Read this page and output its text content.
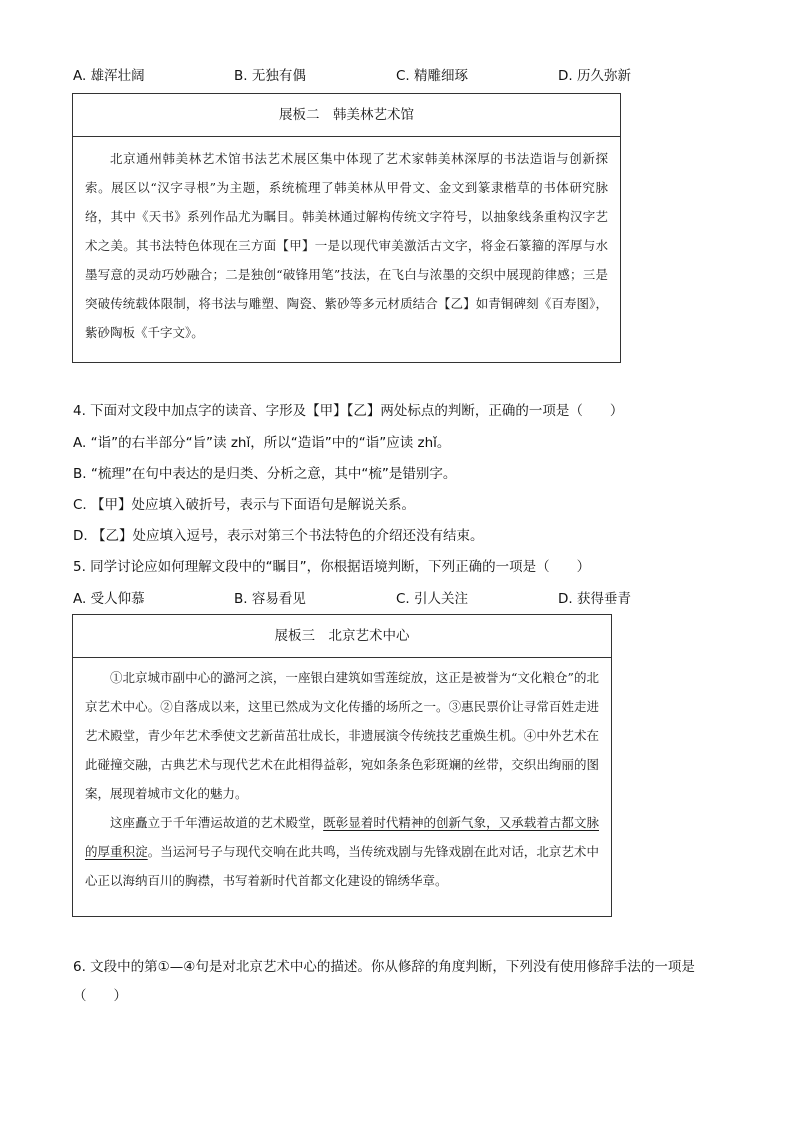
A. 雄浑壮阔	B. 无独有偶	C. 精雕细琢	D. 历久弥新
展板二　韩美林艺术馆

北京通州韩美林艺术馆书法艺术展区集中体现了艺术家韩美林深厚的书法造诣与创新探索。展区以“汉字寻根”为主题，系统梳理了韩美林从甲骨文、金文到篆隶楷草的书体研究脉络，其中《天书》系列作品尤为瞩目。韩美林通过解构传统文字符号，以抽象线条重构汉字艺术之美。其书法特色体现在三方面【甲】一是以现代审美激活古文字，将金石篆籀的浑厚与水墨写意的灵动巧妙融合；二是独创“破锋用笔”技法，在飞白与浓墨的交织中展现韵律感；三是突破传统载体限制，将书法与雕塑、陶瓷、紫砂等多元材质结合【乙】如青铜碑刻《百寿图》，紫砂陶板《千字文》。

4. 下面对文段中加点字的读音、字形及【甲】【乙】两处标点的判断，正确的一项是（　　）
A. “诣”的右半部分“旨”读 zhǐ，所以“造诣”中的“诣”应读 zhǐ。
B. “梳理”在句中表达的是归类、分析之意，其中“梳”是错别字。
C. 【甲】处应填入破折号，表示与下面语句是解说关系。
D. 【乙】处应填入逗号，表示对第三个书法特色的介绍还没有结束。
5. 同学讨论应如何理解文段中的“瞩目”，你根据语境判断，下列正确的一项是（　　）
A. 受人仰慕	B. 容易看见	C. 引人关注	D. 获得垂青
展板三　北京艺术中心

①北京城市副中心的潞河之滨，一座银白建筑如雪莲绽放，这正是被誉为“文化粮仓”的北京艺术中心。②自落成以来，这里已然成为文化传播的场所之一。③惠民票价让寻常百姓走进艺术殿堂，青少年艺术季使文艺新苗茁壮成长，非遗展演令传统技艺重焕生机。④中外艺术在此碰撞交融，古典艺术与现代艺术在此相得益彰，宛如条条色彩斑斓的丝带，交织出绚丽的图案，展现着城市文化的魅力。

这座矗立于千年漕运故道的艺术殿堂，既彰显着时代精神的创新气象，又承载着古都文脉的厚重积淀。当运河号子与现代交响在此共鸣，当传统戏剧与先锋戏剧在此对话，北京艺术中心正以海纳百川的胸襟，书写着新时代首都文化建设的锦绣华章。

6. 文段中的第①—④句是对北京艺术中心的描述。你从修辞的角度判断，下列没有使用修辞手法的一项是
（　　）
